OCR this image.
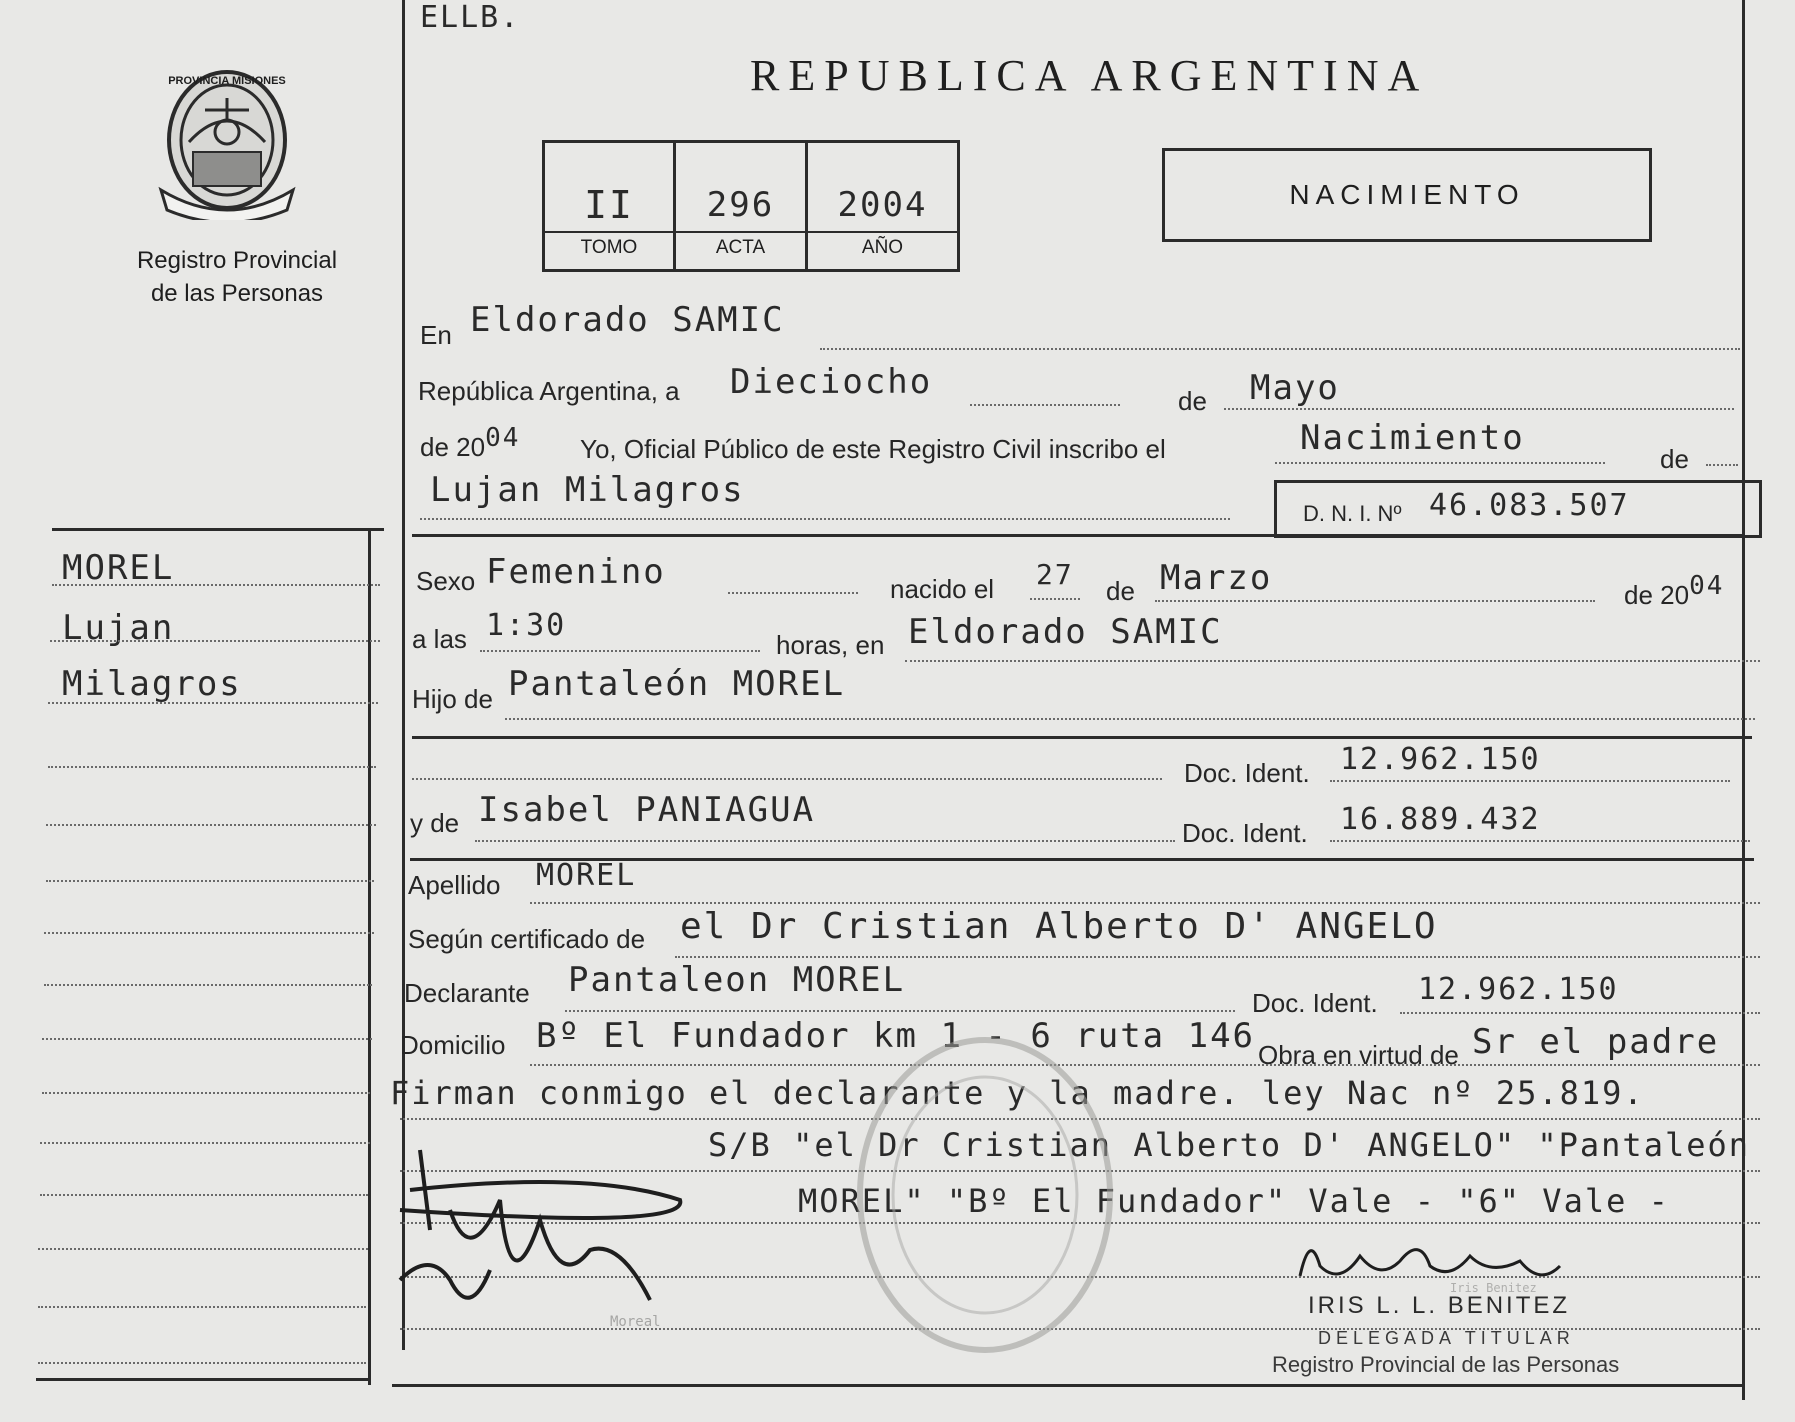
ELLB.
PROVINCIA MISIONES
Registro Provincial
de las Personas
REPUBLICA ARGENTINA
II	296	2004
TOMO	ACTA	AÑO
NACIMIENTO
MOREL
Lujan
Milagros
En Eldorado SAMIC
República Argentina, a Dieciocho	de Mayo
de 2004 Yo, Oficial Público de este Registro Civil inscribo el	Nacimiento
de
Lujan Milagros
D. N. I. Nº 46.083.507
Sexo Femenino	nacido el 27 de Marzo	de 2004
a las 1:30
horas, en Eldorado SAMIC
Hijo de Pantaleón MOREL
Doc. Ident. 12.962.150
y de Isabel PANIAGUA
Doc. Ident. 16.889.432
Apellido MOREL
Según certificado de el Dr Cristian Alberto D' ANGELO
Declarante Pantaleon MOREL
Doc. Ident. 12.962.150
Domicilio Bº El Fundador km 1 - 6 ruta 146 Obra en virtud de Sr el padre
Firman conmigo el declarante y la madre. ley Nac nº 25.819.
S/B "el Dr Cristian Alberto D' ANGELO" "Pantaleón
MOREL" "Bº El Fundador" Vale - "6" Vale -
Moreal
Iris Benitez
IRIS L. L. BENITEZ
DELEGADA TITULAR
Registro Provincial de las Personas
